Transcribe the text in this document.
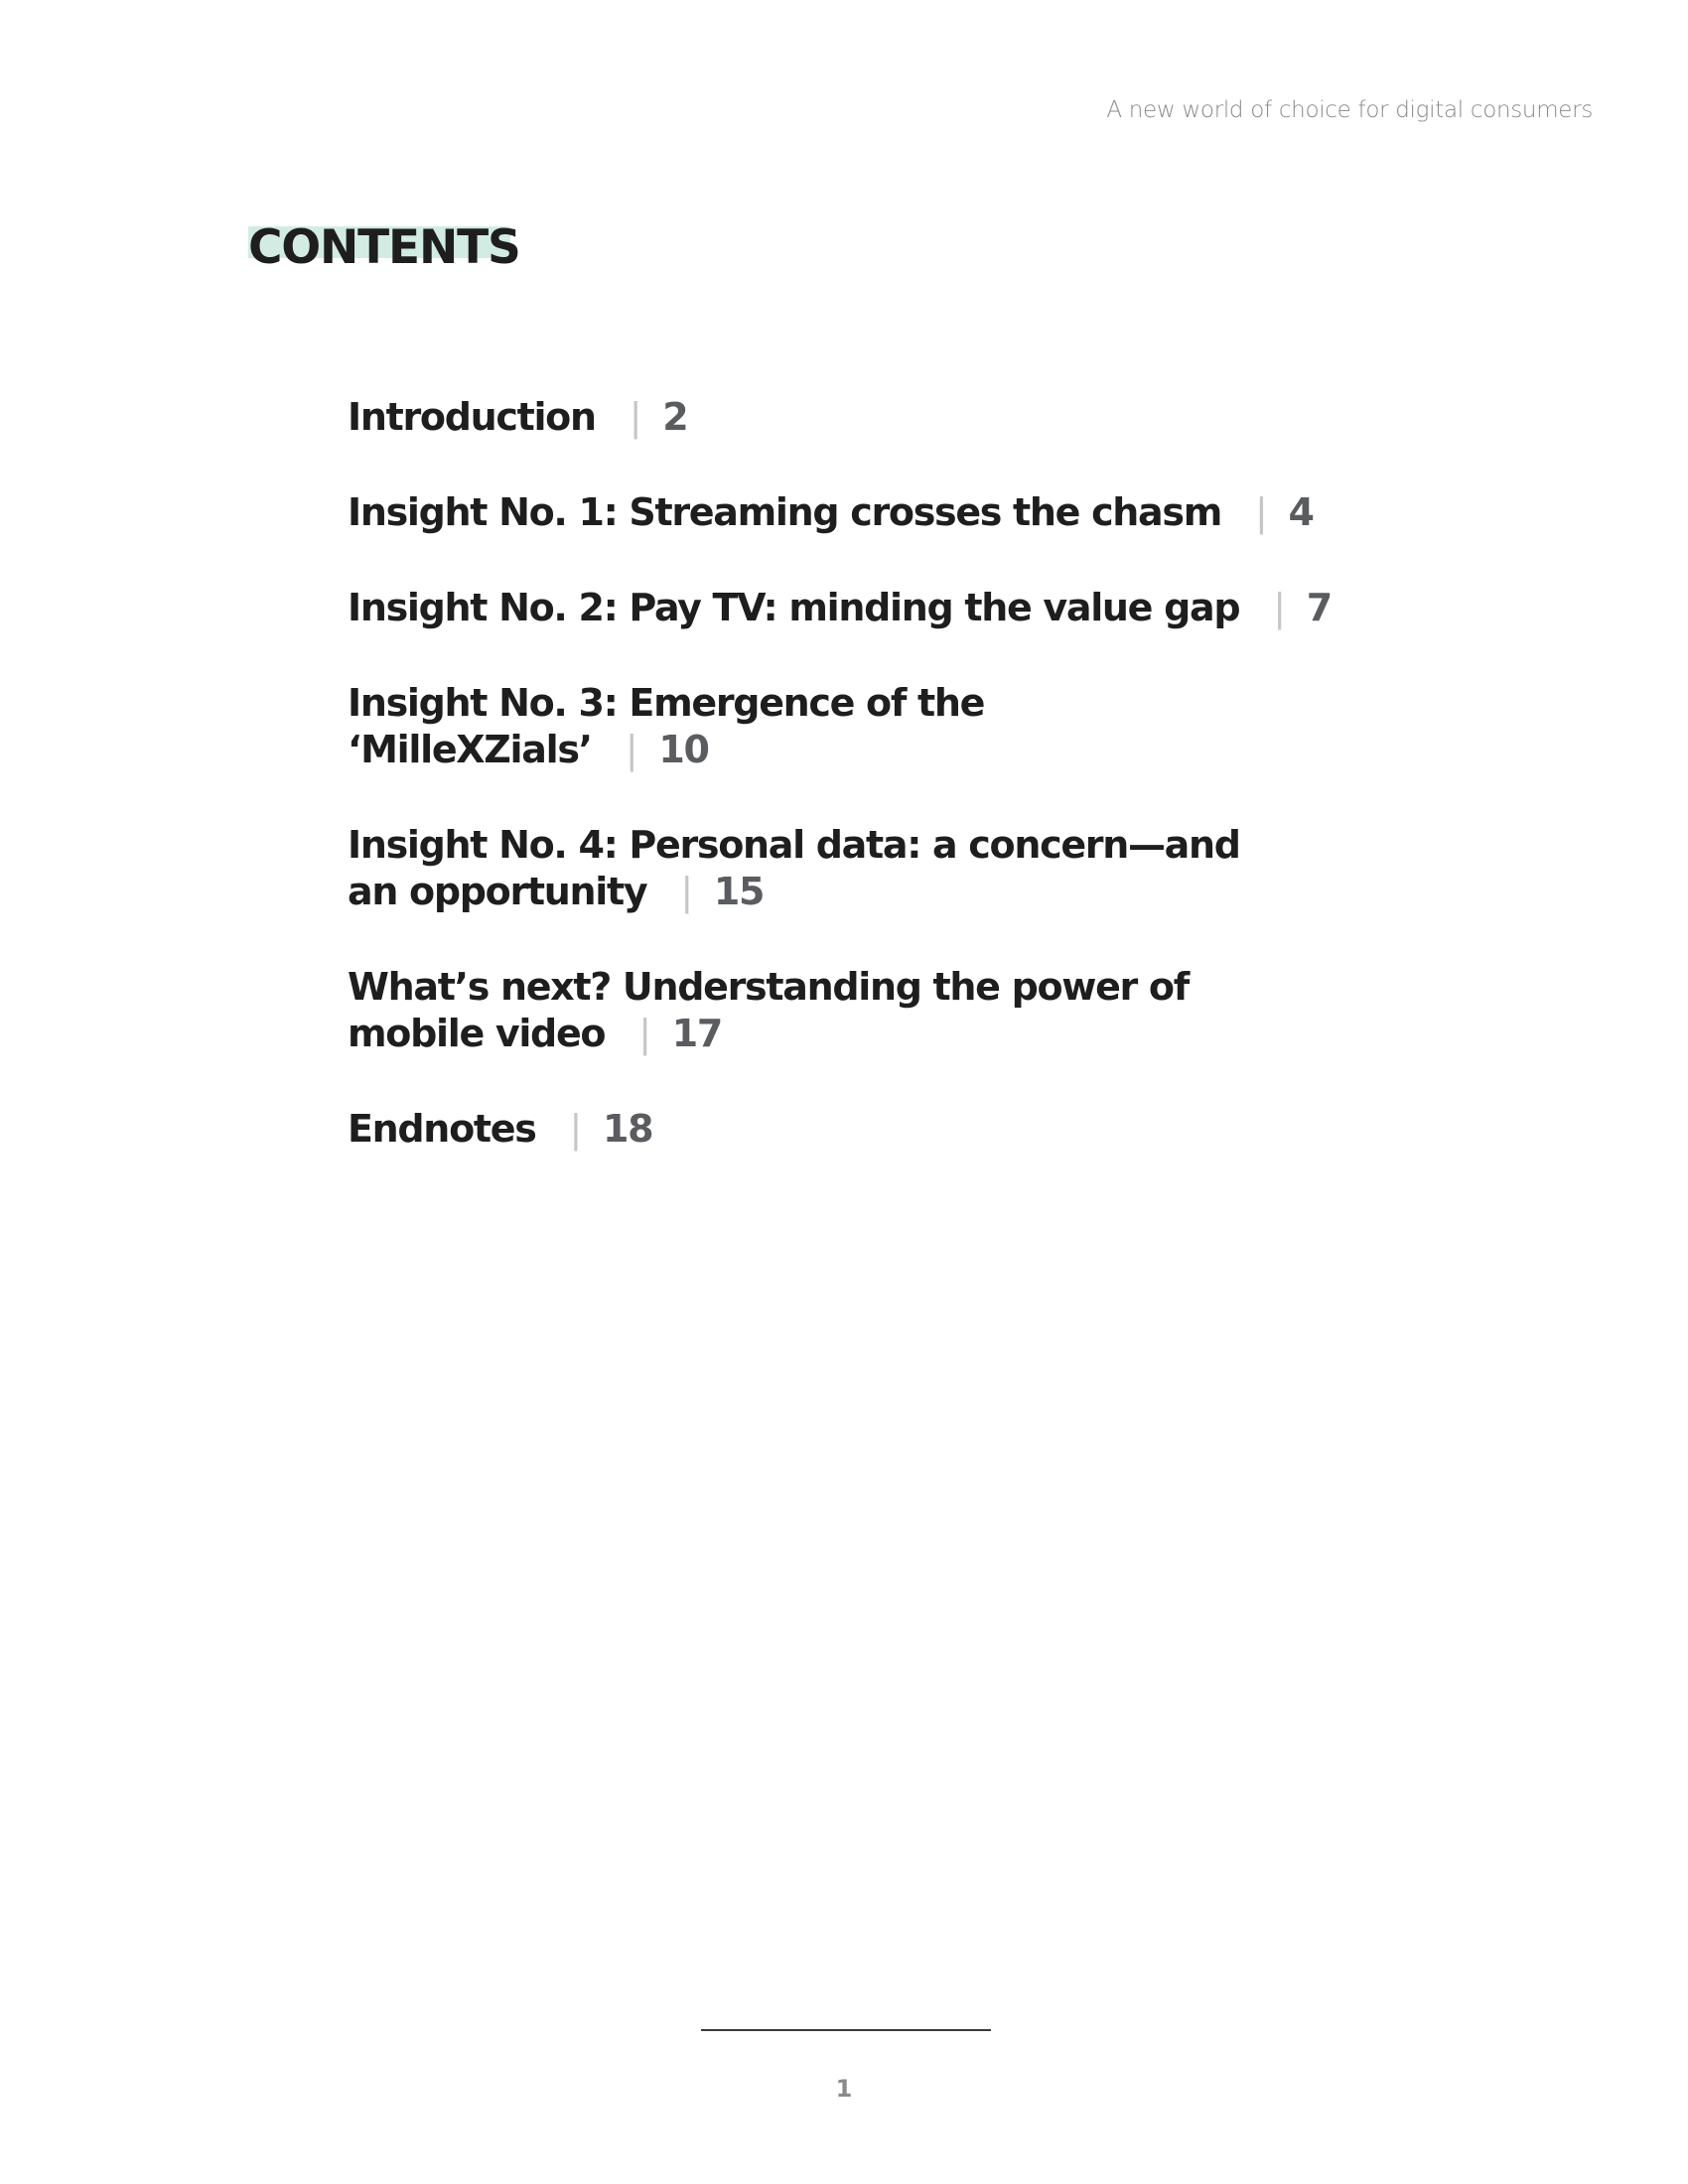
A new world of choice for digital consumers
CONTENTS
Introduction | 2
Insight No. 1: Streaming crosses the chasm | 4
Insight No. 2: Pay TV: minding the value gap | 7
Insight No. 3: Emergence of the ‘MilleXZials’ | 10
Insight No. 4: Personal data: a concern—and an opportunity | 15
What’s next? Understanding the power of mobile video | 17
Endnotes | 18
1
